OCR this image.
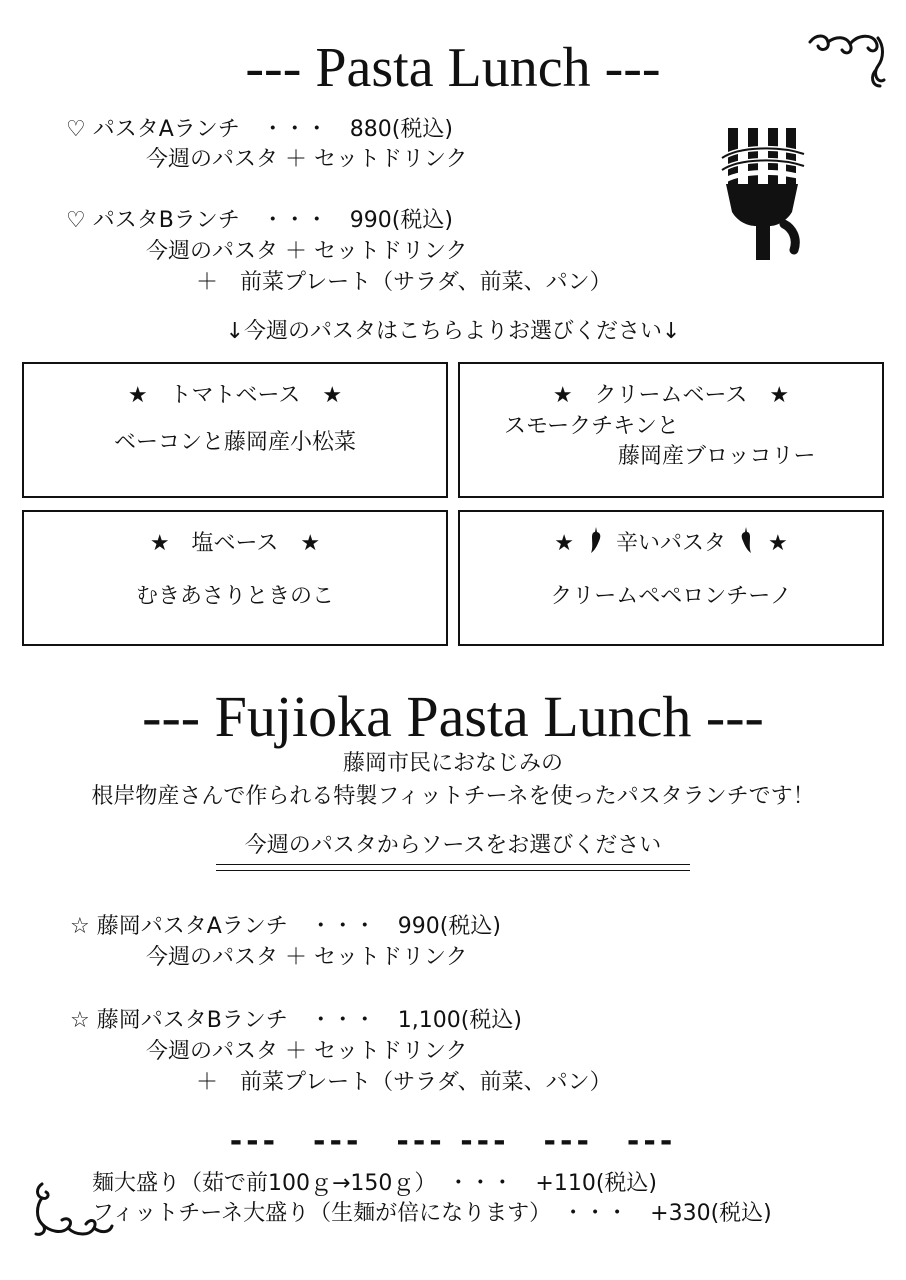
--- Pasta Lunch ---
♡ パスタAランチ　・・・　880(税込)
今週のパスタ ＋ セットドリンク
♡ パスタBランチ　・・・　990(税込)
今週のパスタ ＋ セットドリンク
＋　前菜プレート（サラダ、前菜、パン）
↓今週のパスタはこちらよりお選びください↓
★　トマトベース　★
ベーコンと藤岡産小松菜
★　クリームベース　★
スモークチキンと
藤岡産ブロッコリー
★　塩ベース　★
むきあさりときのこ
★ 辛いパスタ ★
クリームペペロンチーノ
--- Fujioka Pasta Lunch ---
藤岡市民におなじみの
根岸物産さんで作られる特製フィットチーネを使ったパスタランチです！
今週のパスタからソースをお選びください
☆ 藤岡パスタAランチ　・・・　990(税込)
今週のパスタ ＋ セットドリンク
☆ 藤岡パスタBランチ　・・・　1,100(税込)
今週のパスタ ＋ セットドリンク
＋　前菜プレート（サラダ、前菜、パン）
---　---　--- ---　---　---
麺大盛り（茹で前100ｇ→150ｇ）　・・・　+110(税込)
フィットチーネ大盛り（生麺が倍になります）　・・・　+330(税込)
